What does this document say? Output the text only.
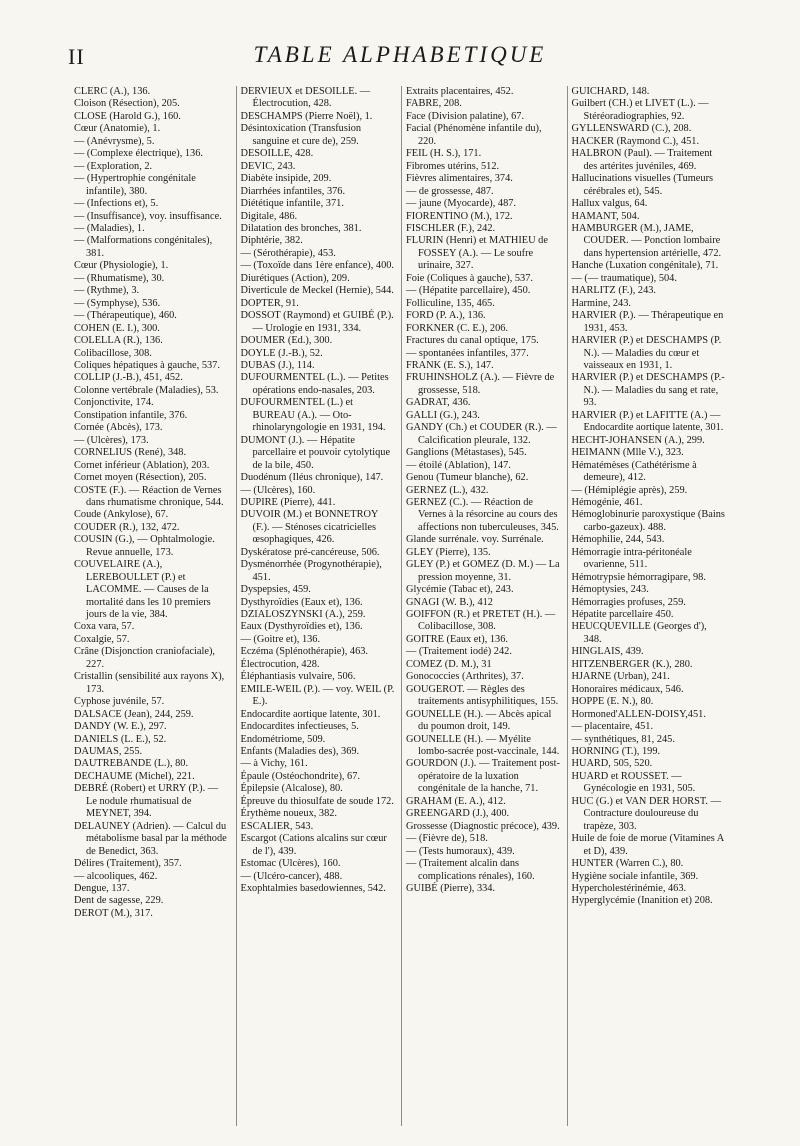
II	TABLE ALPHABETIQUE

CLERC (A.), 136.

Cloison (Résection), 205.

CLOSE (Harold G.), 160.

Cœur (Anatomie), 1.

— (Anévrysme), 5.

— (Complexe électrique), 136.

— (Exploration, 2.

— (Hypertrophie congénitale infantile), 380.

— (Infections et), 5.

— (Insuffisance), voy. insuffisance.

— (Maladies), 1.

— (Malformations congénitales), 381.

Cœur (Physiologie), 1.

— (Rhumatisme), 30.

— (Rythme), 3.

— (Symphyse), 536.

— (Thérapeutique), 460.

COHEN (E. I.), 300.

COLELLA (R.), 136.

Colibacillose, 308.

Coliques hépatiques à gauche, 537.

COLLIP (J.-B.), 451, 452.

Colonne vertébrale (Maladies), 53.

Conjonctivite, 174.

Constipation infantile, 376.

Cornée (Abcès), 173.

— (Ulcères), 173.

CORNELIUS (René), 348.

Cornet inférieur (Ablation), 203.

Cornet moyen (Résection), 205.

COSTE (F.). — Réaction de Vernes dans rhumatisme chronique, 544.

Coude (Ankylose), 67.

COUDER (R.), 132, 472.

COUSIN (G.), — Ophtalmologie. Revue annuelle, 173.

COUVELAIRE (A.), LEREBOULLET (P.) et LACOMME. — Causes de la mortalité dans les 10 premiers jours de la vie, 384.

Coxa vara, 57.

Coxalgie, 57.

Crâne (Disjonction craniofaciale), 227.

Cristallin (sensibilité aux rayons X), 173.

Cyphose juvénile, 57.

DALSACE (Jean), 244, 259.

DANDY (W. E.), 297.

DANIELS (L. E.), 52.

DAUMAS, 255.

DAUTREBANDE (L.), 80.

DECHAUME (Michel), 221.

DEBRÉ (Robert) et URRY (P.). — Le nodule rhumatisual de MEYNET, 394.

DELAUNEY (Adrien). — Calcul du métabolisme basal par la méthode de Benedict, 363.

Délires (Traitement), 357.

— alcooliques, 462.

Dengue, 137.

Dent de sagesse, 229.

DEROT (M.), 317.

DERVIEUX et DESOILLE. — Électrocution, 428.

DESCHAMPS (Pierre Noël), 1.

Désintoxication (Transfusion sanguine et cure de), 259.

DESOILLE, 428.

DEVIC, 243.

Diabète insipide, 209.

Diarrhées infantiles, 376.

Diététique infantile, 371.

Digitale, 486.

Dilatation des bronches, 381.

Diphtérie, 382.

— (Sérothérapie), 453.

— (Toxoïde dans 1ère enfance), 400.

Diurétiques (Action), 209.

Diverticule de Meckel (Hernie), 544.

DOPTER, 91.

DOSSOT (Raymond) et GUIBÉ (P.). — Urologie en 1931, 334.

DOUMER (Ed.), 300.

DOYLE (J.-B.), 52.

DUBAS (J.), 114.

DUFOURMENTEL (L.). — Petites opérations endo-nasales, 203.

DUFOURMENTEL (L.) et BUREAU (A.). — Oto-rhinolaryngologie en 1931, 194.

DUMONT (J.). — Hépatite parcellaire et pouvoir cytolytique de la bile, 450.

Duodénum (Iléus chronique), 147.

— (Ulcères), 160.

DUPIRE (Pierre), 441.

DUVOIR (M.) et BONNETROY (F.). — Sténoses cicatricielles œsophagiques, 426.

Dyskératose pré-cancéreuse, 506.

Dysménorrhée (Progynothérapie), 451.

Dyspepsies, 459.

Dysthyroïdies (Eaux et), 136.

DZIALOSZYNSKI (A.), 259.

Eaux (Dysthyroïdies et), 136.

— (Goitre et), 136.

Eczéma (Splénothérapie), 463.

Électrocution, 428.

Éléphantiasis vulvaire, 506.

EMILE-WEIL (P.). — voy. WEIL (P. E.).

Endocardite aortique latente, 301.

Endocardites infectieuses, 5.

Endométriome, 509.

Enfants (Maladies des), 369.

— à Vichy, 161.

Épaule (Ostéochondrite), 67.

Épilepsie (Alcalose), 80.

Épreuve du thiosulfate de soude 172.

Érythème noueux, 382.

ESCALIER, 543.

Escargot (Cations alcalins sur cœur de l'), 439.

Estomac (Ulcères), 160.

— (Ulcéro-cancer), 488.

Exophtalmies basedowiennes, 542.

Extraits placentaires, 452.

FABRE, 208.

Face (Division palatine), 67.

Facial (Phénomène infantile du), 220.

FEIL (H. S.), 171.

Fibromes utérins, 512.

Fièvres alimentaires, 374.

— de grossesse, 487.

— jaune (Myocarde), 487.

FIORENTINO (M.), 172.

FISCHLER (F.), 242.

FLURIN (Henri) et MATHIEU de FOSSEY (A.). — Le soufre urinaire, 327.

Foie (Coliques à gauche), 537.

— (Hépatite parcellaire), 450.

Folliculine, 135, 465.

FORD (P. A.), 136.

FORKNER (C. E.), 206.

Fractures du canal optique, 175.

— spontanées infantiles, 377.

FRANK (E. S.), 147.

FRUHINSHOLZ (A.). — Fièvre de grossesse, 518.

GADRAT, 436.

GALLI (G.), 243.

GANDY (Ch.) et COUDER (R.). — Calcification pleurale, 132.

Ganglions (Métastases), 545.

— étoilé (Ablation), 147.

Genou (Tumeur blanche), 62.

GERNEZ (L.), 432.

GERNEZ (C.). — Réaction de Vernes à la résorcine au cours des affections non tuberculeuses, 345.

Glande surrénale. voy. Surrénale.

GLEY (Pierre), 135.

GLEY (P.) et GOMEZ (D. M.) — La pression moyenne, 31.

Glycémie (Tabac et), 243.

GNAGI (W. B.), 412

GOIFFON (R.) et PRETET (H.). — Colibacillose, 308.

GOITRE (Eaux et), 136.

— (Traitement iodé) 242.

COMEZ (D. M.), 31

Gonococcies (Arthrites), 37.

GOUGEROT. — Règles des traitements antisyphilitiques, 155.

GOUNELLE (H.). — Abcès apical du poumon droit, 149.

GOUNELLE (H.). — Myélite lombo-sacrée post-vaccinale, 144.

GOURDON (J.). — Traitement post-opératoire de la luxation congénitale de la hanche, 71.

GRAHAM (E. A.), 412.

GREENGARD (J.), 400.

Grossesse (Diagnostic précoce), 439.

— (Fièvre de), 518.

— (Tests humoraux), 439.

— (Traitement alcalin dans complications rénales), 160.

GUIBÉ (Pierre), 334.

GUICHARD, 148.

Guilbert (CH.) et LIVET (L.). — Stéréoradiographies, 92.

GYLLENSWARD (C.), 208.

HACKER (Raymond C.), 451.

HALBRON (Paul). — Traitement des artérites juvéniles, 469.

Hallucinations visuelles (Tumeurs cérébrales et), 545.

Hallux valgus, 64.

HAMANT, 504.

HAMBURGER (M.), JAME, COUDER. — Ponction lombaire dans hypertension artérielle, 472.

Hanche (Luxation congénitale), 71.

— (— traumatique), 504.

HARLITZ (F.), 243.

Harmine, 243.

HARVIER (P.). — Thérapeutique en 1931, 453.

HARVIER (P.) et DESCHAMPS (P. N.). — Maladies du cœur et vaisseaux en 1931, 1.

HARVIER (P.) et DESCHAMPS (P.-N.). — Maladies du sang et rate, 93.

HARVIER (P.) et LAFITTE (A.) — Endocardite aortique latente, 301.

HECHT-JOHANSEN (A.), 299.

HEIMANN (Mlle V.), 323.

Hématémèses (Cathétérisme à demeure), 412.

— (Hémiplégie après), 259.

Hémogénie, 461.

Hémoglobinurie paroxystique (Bains carbo-gazeux). 488.

Hémophilie, 244, 543.

Hémorragie intra-péritonéale ovarienne, 511.

Hémotrypsie hémorragipare, 98.

Hémoptysies, 243.

Hémorragies profuses, 259.

Hépatite parcellaire 450.

HEUCQUEVILLE (Georges d'), 348.

HINGLAIS, 439.

HITZENBERGER (K.), 280.

HJARNE (Urban), 241.

Honoraires médicaux, 546.

HOPPE (E. N.), 80.

Hormoned'ALLEN-DOISY,451.

— placentaire, 451.

— synthétiques, 81, 245.

HORNING (T.), 199.

HUARD, 505, 520.

HUARD et ROUSSET. — Gynécologie en 1931, 505.

HUC (G.) et VAN DER HORST. — Contracture douloureuse du trapèze, 303.

Huile de foie de morue (Vitamines A et D), 439.

HUNTER (Warren C.), 80.

Hygiène sociale infantile, 369.

Hypercholestérinémie, 463.

Hyperglycémie (Inanition et) 208.
